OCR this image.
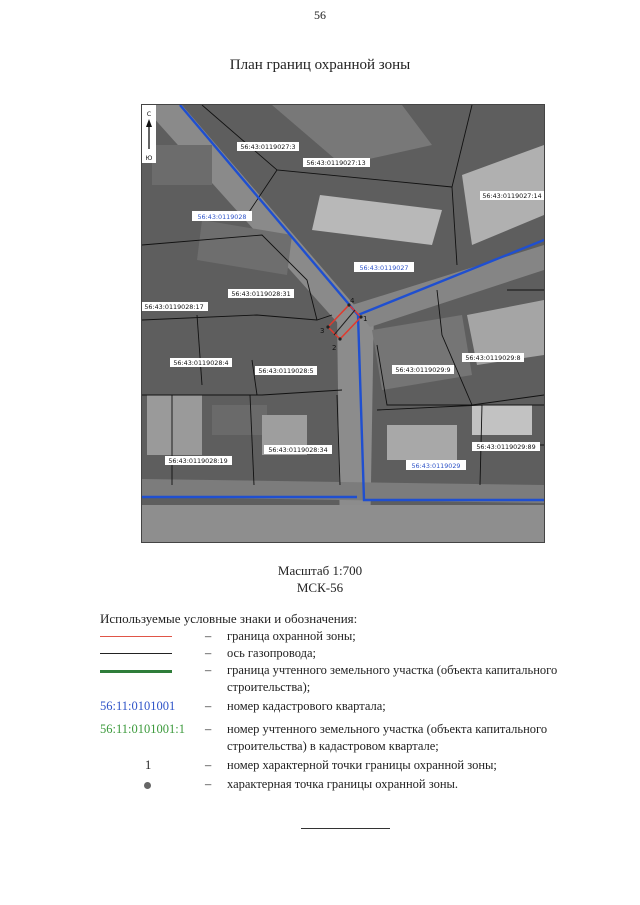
56
План границ охранной зоны
С
Ю
1
2
3
4
56:43:0119028
56:43:0119027
56:43:0119029
56:43:0119027:3
56:43:0119027:13
56:43:0119027:14
56:43:0119028:31
56:43:0119028:17
56:43:0119028:4
56:43:0119028:5	56:43:0119029:9
56:43:0119029:8
56:43:0119028:19
56:43:0119028:34	56:43:0119029:89
Масштаб 1:700
МСК-56
Используемые условные знаки и обозначения:
– граница охранной зоны;
– ось газопровода;
– граница учтенного земельного участка (объекта капитального строительства);
56:11:0101001	– номер кадастрового квартала;
56:11:0101001:1	– номер учтенного земельного участка (объекта капитального строительства) в кадастровом квартале;
1	– номер характерной точки границы охранной зоны;
– характерная точка границы охранной зоны.
